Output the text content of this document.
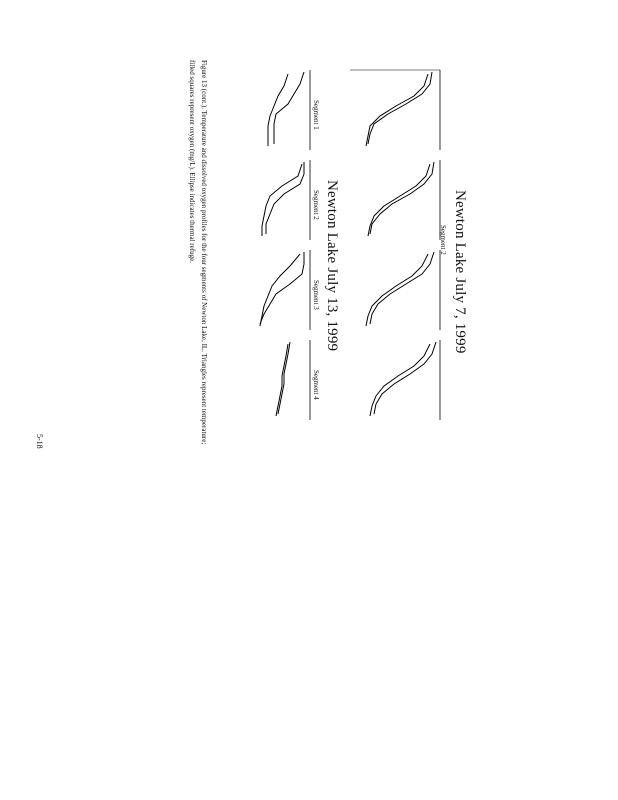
Newton Lake July 7, 1999
Segment 2
Newton Lake July 13, 1999
Segment 1
Segment 2
Segment 3
Segment 4
Figure 13 (cont.). Temperature and dissolved oxygen profiles for the four segments of Newton Lake, IL. Triangles represent temperature;
filled squares represent oxygen (mg/L). Ellipse indicates thermal refuge.
5-18
